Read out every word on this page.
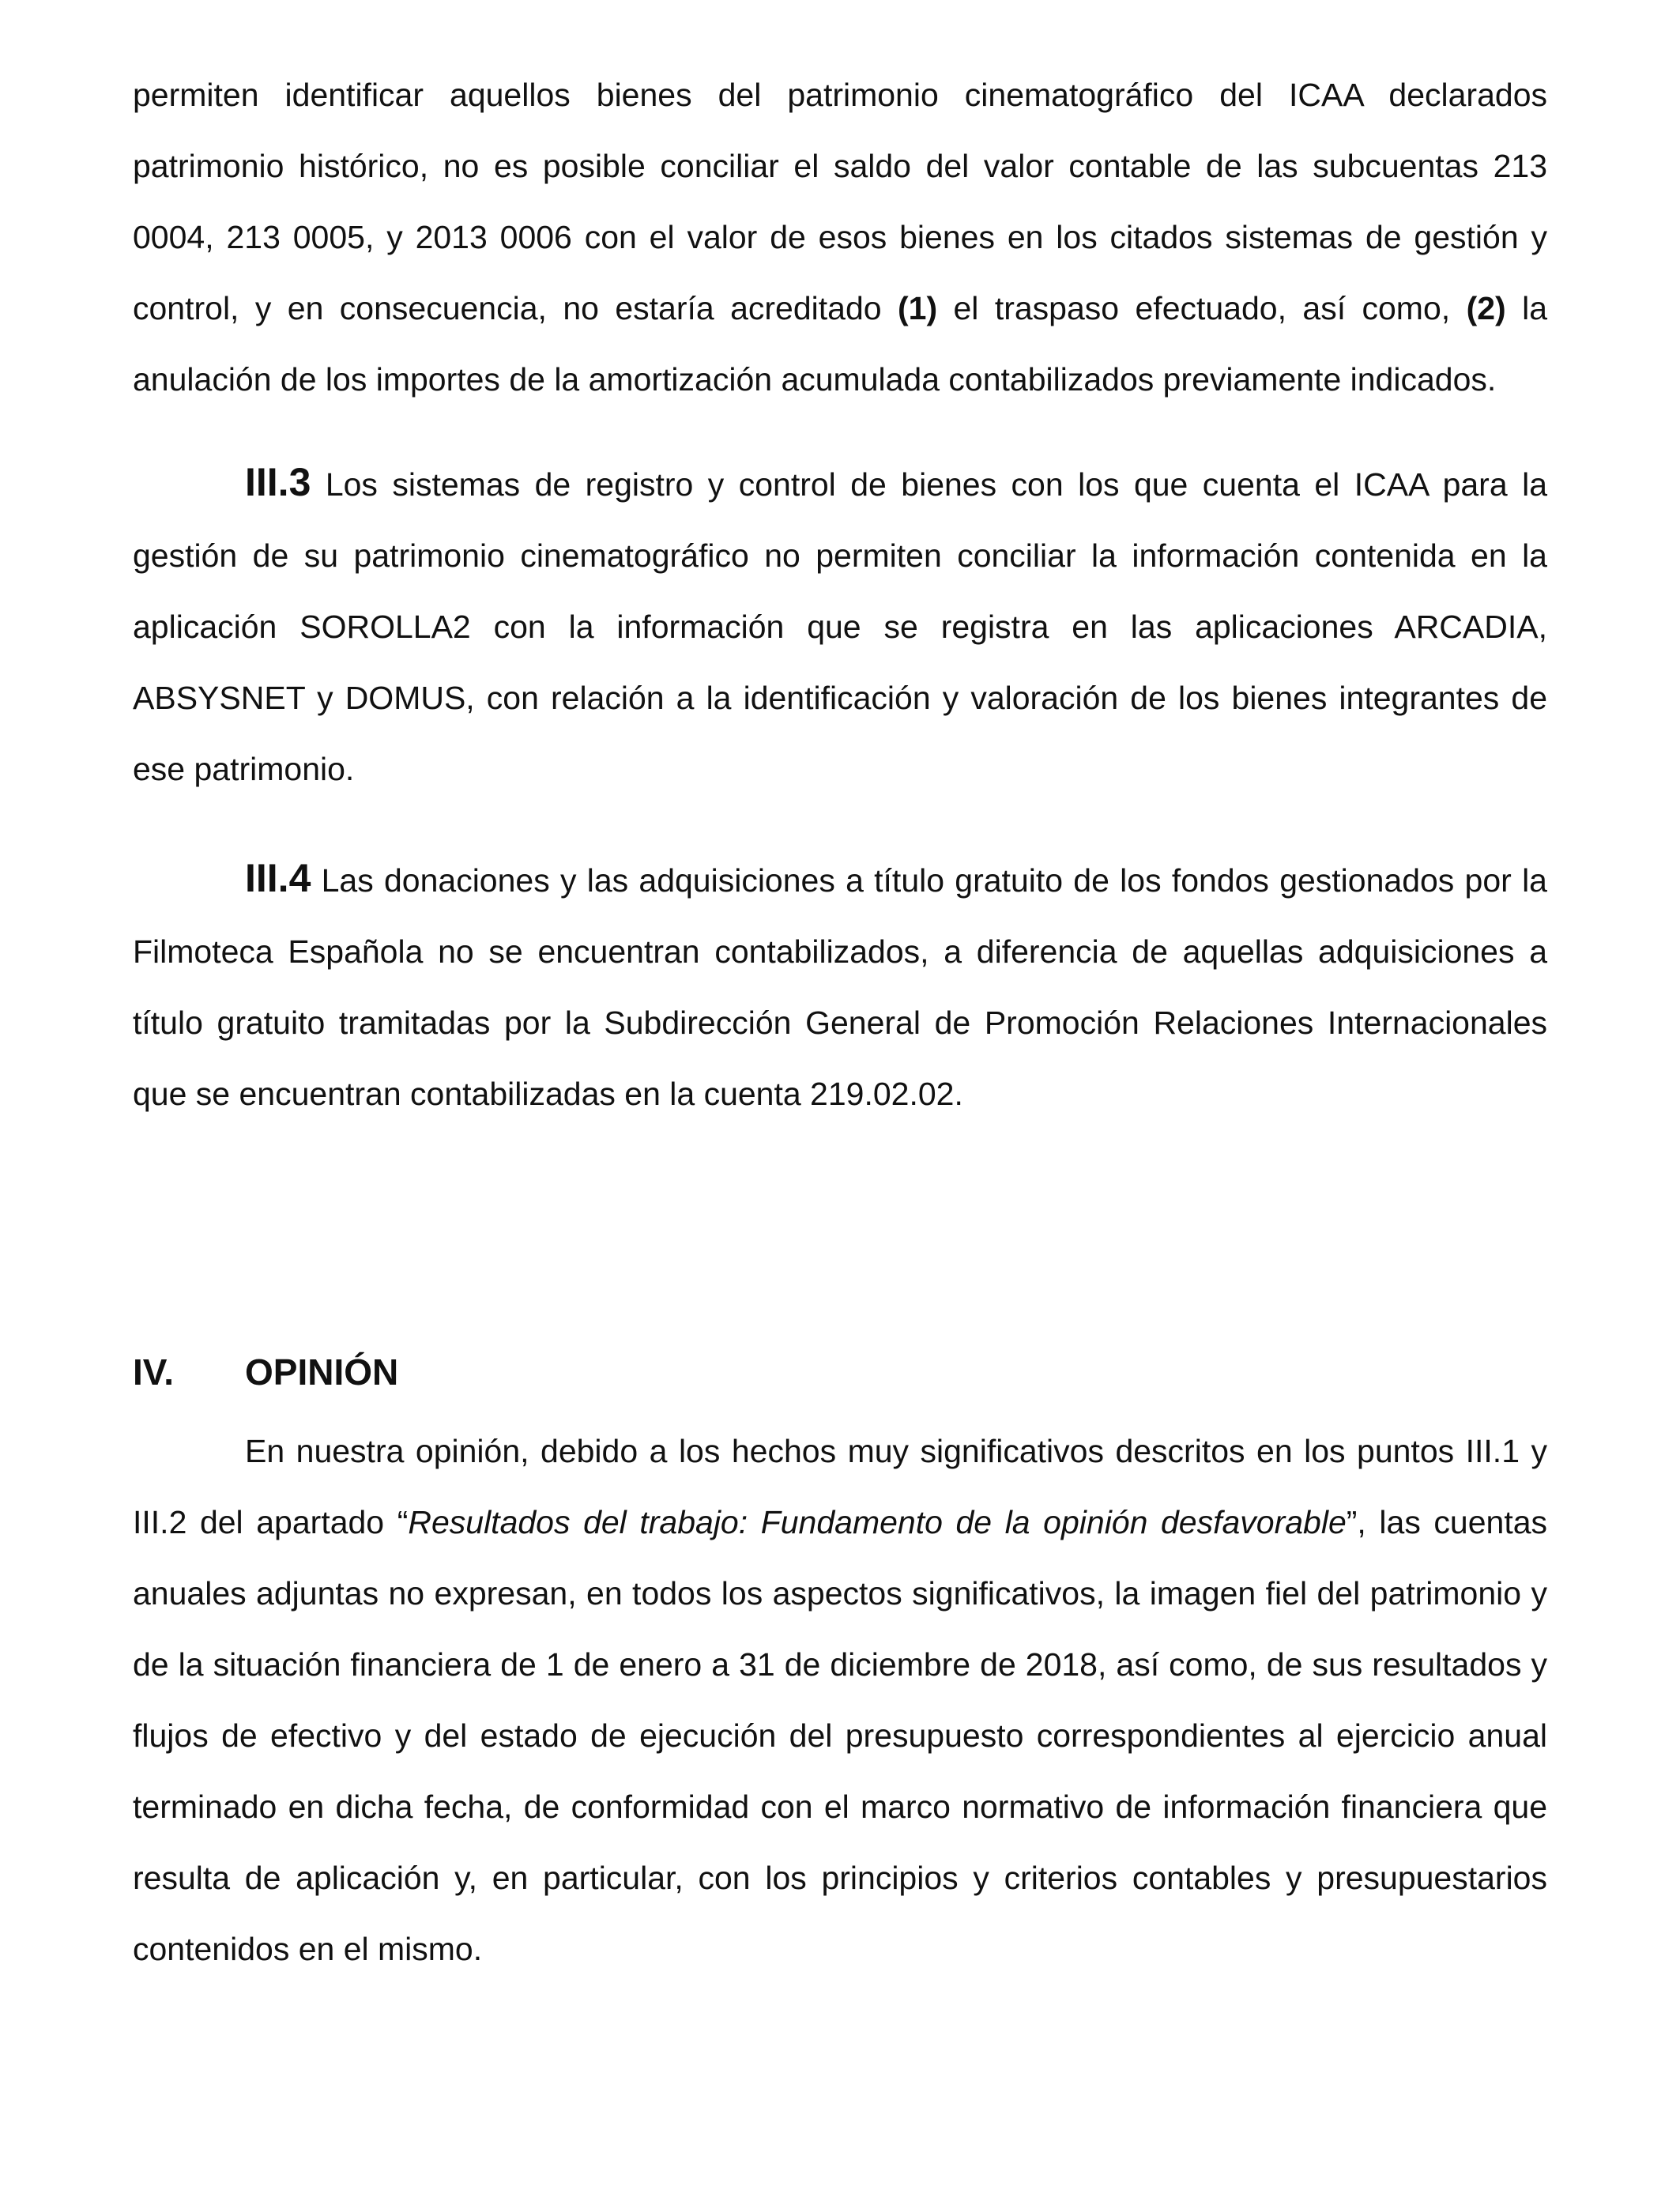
permiten identificar aquellos bienes del patrimonio cinematográfico del ICAA declarados patrimonio histórico, no es posible conciliar el saldo del valor contable de las subcuentas 213 0004, 213 0005, y 2013 0006 con el valor de esos bienes en los citados sistemas de gestión y control, y en consecuencia, no estaría acreditado (1) el traspaso efectuado, así como, (2) la anulación de los importes de la amortización acumulada contabilizados previamente indicados.

III.3 Los sistemas de registro y control de bienes con los que cuenta el ICAA para la gestión de su patrimonio cinematográfico no permiten conciliar la información contenida en la aplicación SOROLLA2 con la información que se registra en las aplicaciones ARCADIA, ABSYSNET y DOMUS, con relación a la identificación y valoración de los bienes integrantes de ese patrimonio.

III.4 Las donaciones y las adquisiciones a título gratuito de los fondos gestionados por la Filmoteca Española no se encuentran contabilizados, a diferencia de aquellas adquisiciones a título gratuito tramitadas por la Subdirección General de Promoción Relaciones Internacionales que se encuentran contabilizadas en la cuenta 219.02.02.

IV.	OPINIÓN

En nuestra opinión, debido a los hechos muy significativos descritos en los puntos III.1 y III.2 del apartado “Resultados del trabajo: Fundamento de la opinión desfavorable”, las cuentas anuales adjuntas no expresan, en todos los aspectos significativos, la imagen fiel del patrimonio y de la situación financiera de 1 de enero a 31 de diciembre de 2018, así como, de sus resultados y flujos de efectivo y del estado de ejecución del presupuesto correspondientes al ejercicio anual terminado en dicha fecha, de conformidad con el marco normativo de información financiera que resulta de aplicación y, en particular, con los principios y criterios contables y presupuestarios contenidos en el mismo.
